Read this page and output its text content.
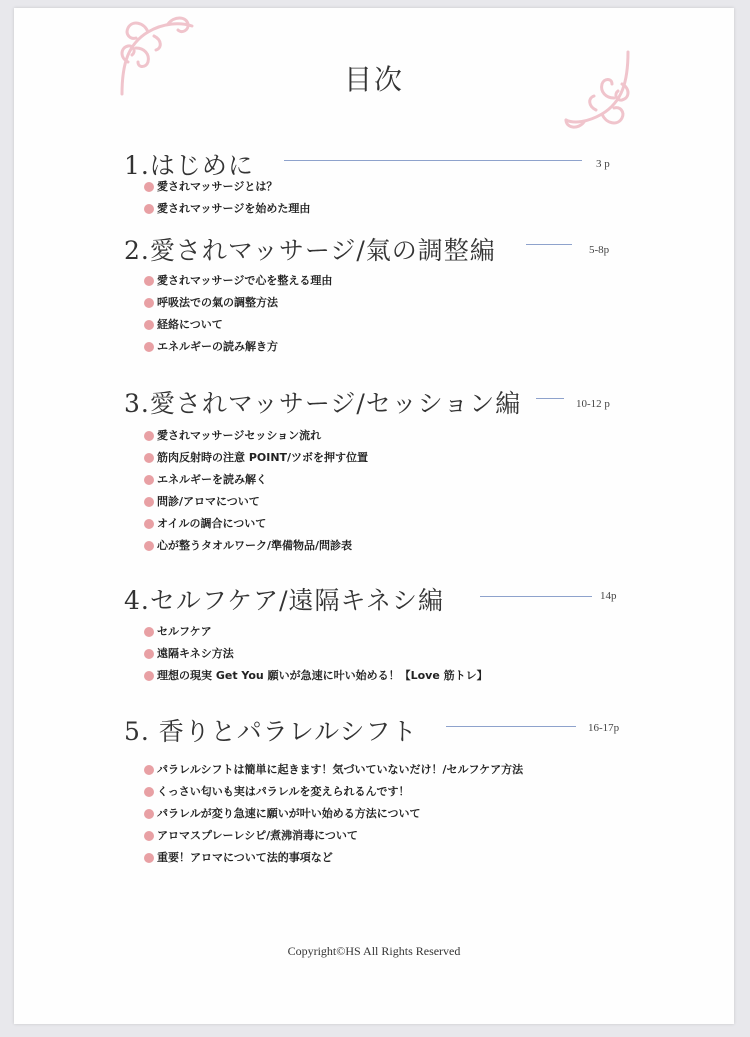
目次
1.はじめに	3 p
愛されマッサージとは？
愛されマッサージを始めた理由
2.愛されマッサージ/氣の調整編	5-8p
愛されマッサージで心を整える理由
呼吸法での氣の調整方法
経絡について
エネルギーの読み解き方
3.愛されマッサージ/セッション編	10-12 p
愛されマッサージセッション流れ
筋肉反射時の注意 POINT/ツボを押す位置
エネルギーを読み解く
問診/アロマについて
オイルの調合について
心が整うタオルワーク/準備物品/問診表
4.セルフケア/遠隔キネシ編	14p
セルフケア
遠隔キネシ方法
理想の現実 Get You 願いが急速に叶い始める！【Love 筋トレ】
5. 香りとパラレルシフト	16-17p
パラレルシフトは簡単に起きます！気づいていないだけ！/セルフケア方法
くっさい匂いも実はパラレルを変えられるんです！
パラレルが変り急速に願いが叶い始める方法について
アロマスプレーレシピ/煮沸消毒について
重要！アロマについて法的事項など
Copyright©HS All Rights Reserved
